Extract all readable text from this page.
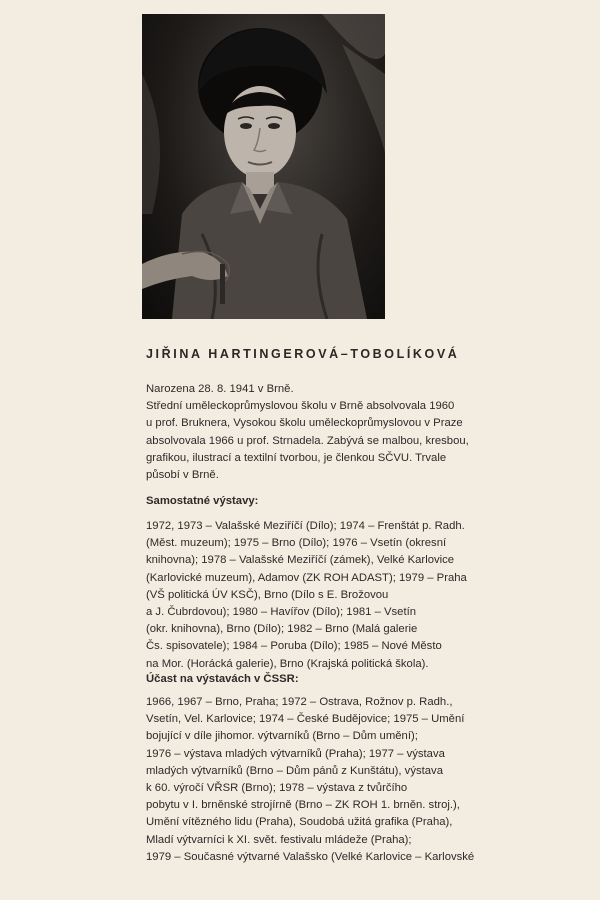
JIŘINA HARTINGEROVÁ–TOBOLÍKOVÁ

Narozena 28. 8. 1941 v Brně.

Střední uměleckoprůmyslovou školu v Brně absolvovala 1960

u prof. Bruknera, Vysokou školu uměleckoprůmyslovou v Praze

absolvovala 1966 u prof. Strnadela. Zabývá se malbou, kresbou,

grafikou, ilustrací a textilní tvorbou, je členkou SČVU. Trvale

působí v Brně.

Samostatné výstavy:

1972, 1973 – Valašské Meziříčí (Dílo); 1974 – Frenštát p. Radh.

(Měst. muzeum); 1975 – Brno (Dílo); 1976 – Vsetín (okresní

knihovna); 1978 – Valašské Meziříčí (zámek), Velké Karlovice

(Karlovické muzeum), Adamov (ZK ROH ADAST); 1979 – Praha

(VŠ politická ÚV KSČ), Brno (Dílo s E. Brožovou

a J. Čubrdovou); 1980 – Havířov (Dílo); 1981 – Vsetín

(okr. knihovna), Brno (Dílo); 1982 – Brno (Malá galerie

Čs. spisovatele); 1984 – Poruba (Dílo); 1985 – Nové Město

na Mor. (Horácká galerie), Brno (Krajská politická škola).

Účast na výstavách v ČSSR:

1966, 1967 – Brno, Praha; 1972 – Ostrava, Rožnov p. Radh.,

Vsetín, Vel. Karlovice; 1974 – České Budějovice; 1975 – Umění

bojující v díle jihomor. výtvarníků (Brno – Dům umění);

1976 – výstava mladých výtvarníků (Praha); 1977 – výstava

mladých výtvarníků (Brno – Dům pánů z Kunštátu), výstava

k 60. výročí VŘSR (Brno); 1978 – výstava z tvůrčího

pobytu v I. brněnské strojírně (Brno – ZK ROH 1. brněn. stroj.),

Umění vítězného lidu (Praha), Soudobá užitá grafika (Praha),

Mladí výtvarníci k XI. svět. festivalu mládeže (Praha);

1979 – Současné výtvarné Valašsko (Velké Karlovice – Karlovské
